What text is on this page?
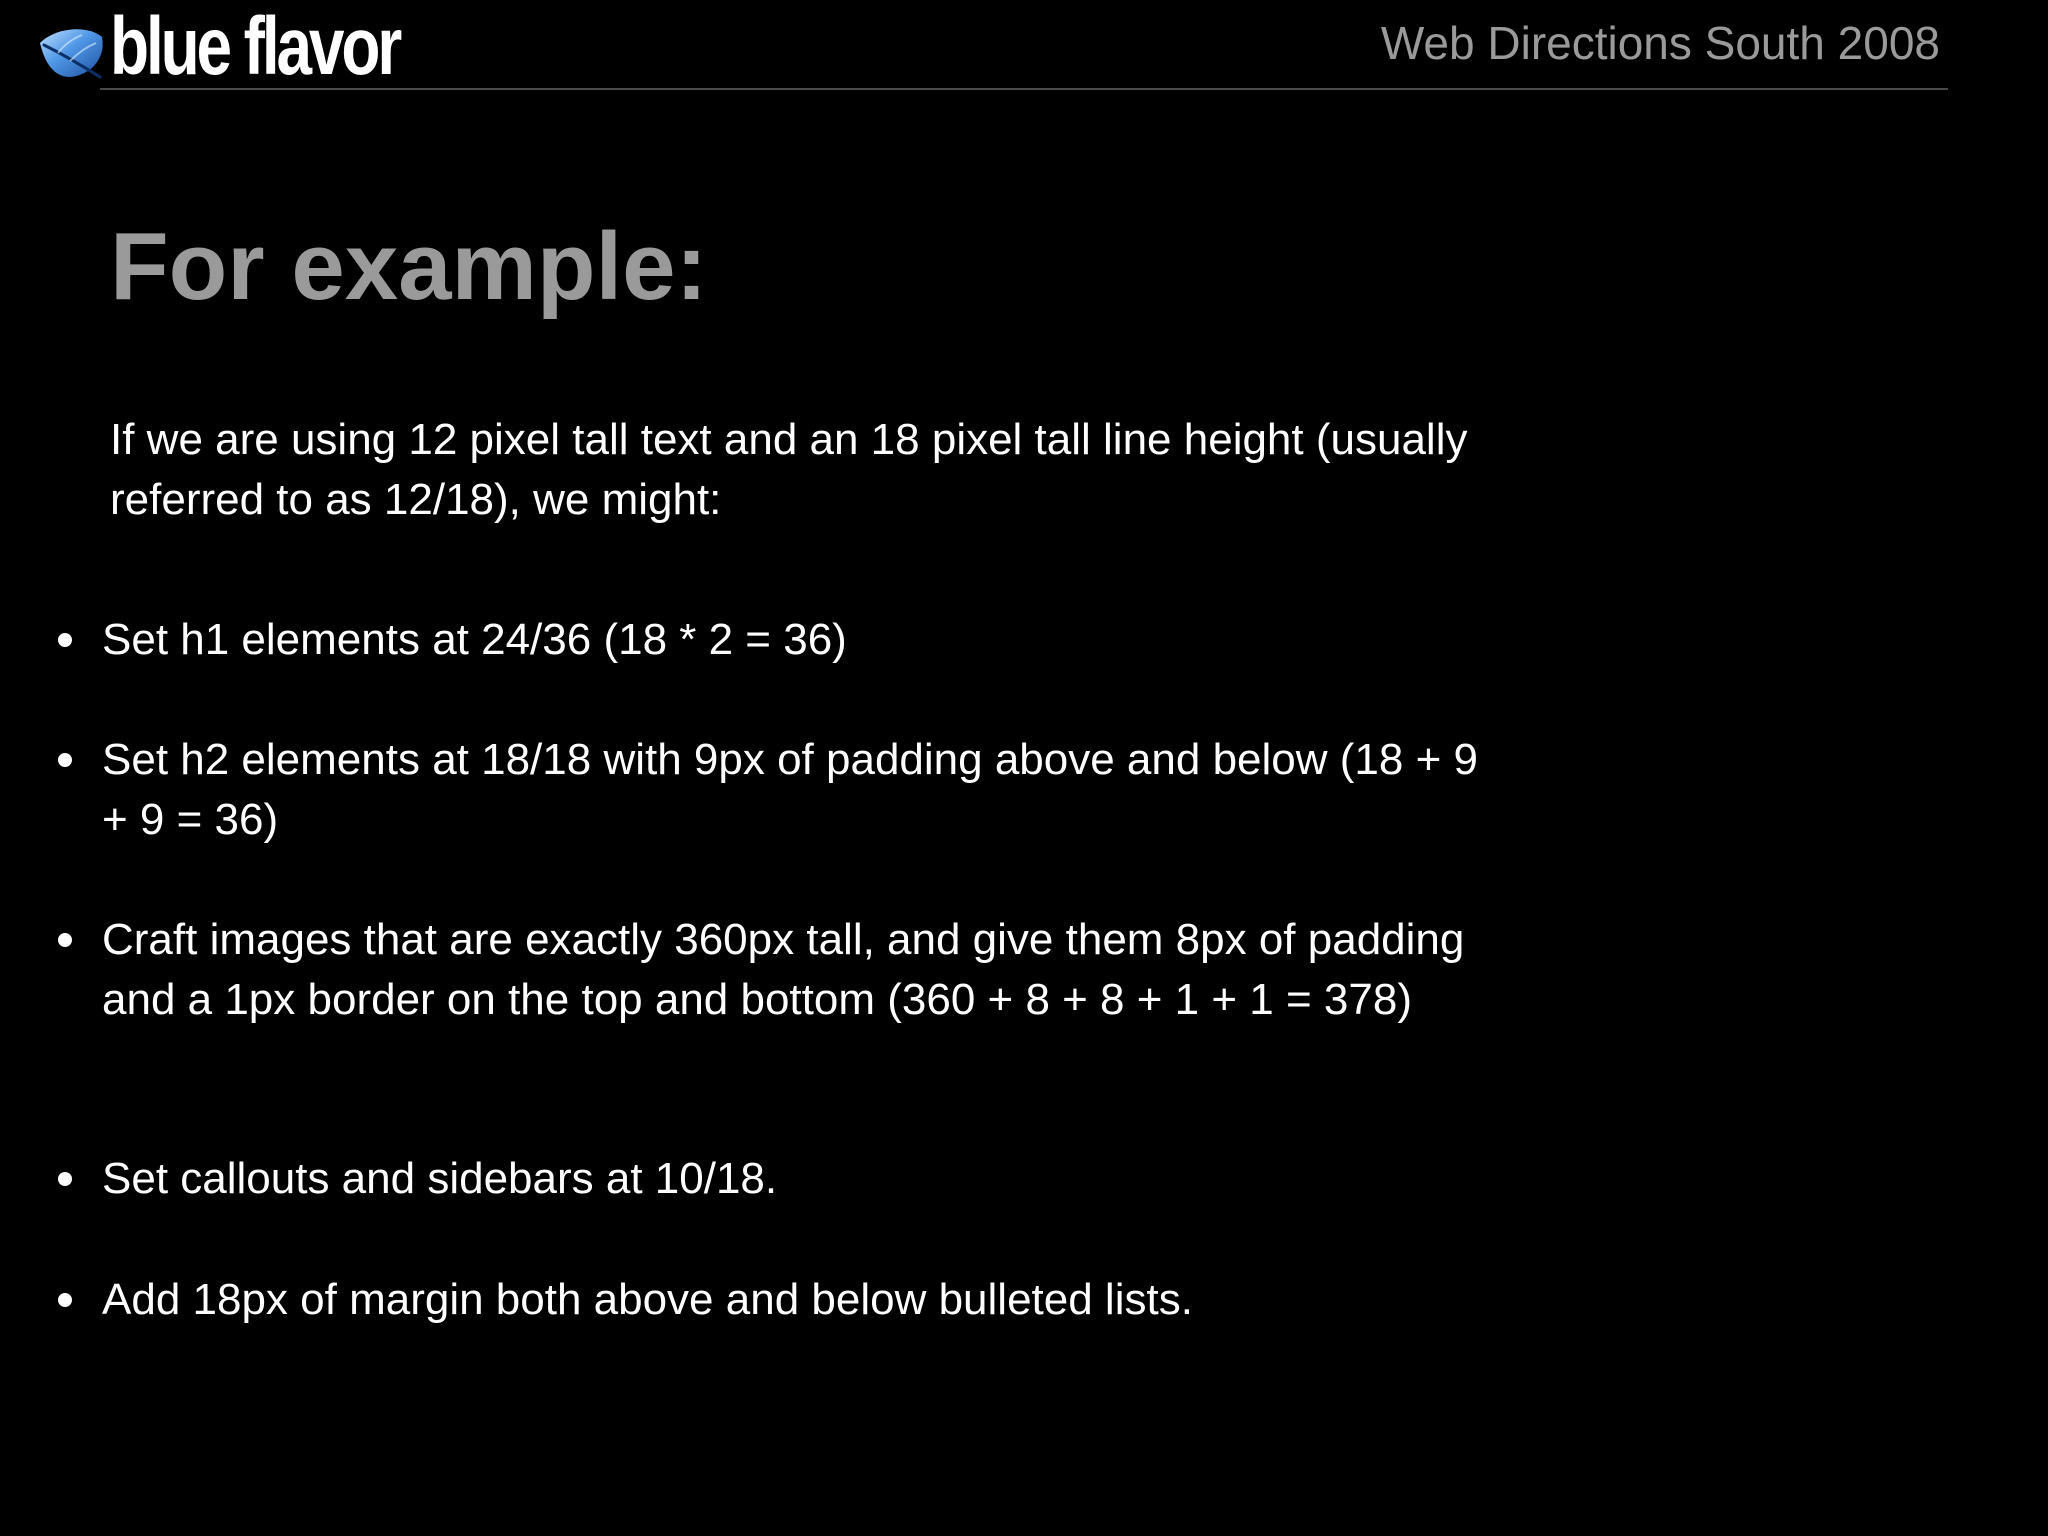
blue flavor	Web Directions South 2008
For example:

If we are using 12 pixel tall text and an 18 pixel tall line height (usually referred to as 12/18), we might:

Set h1 elements at 24/36 (18 * 2 = 36)
Set h2 elements at 18/18 with 9px of padding above and below (18 + 9 + 9 = 36)
Craft images that are exactly 360px tall, and give them 8px of padding and a 1px border on the top and bottom (360 + 8 + 8 + 1 + 1 = 378)
Set callouts and sidebars at 10/18.
Add 18px of margin both above and below bulleted lists.
